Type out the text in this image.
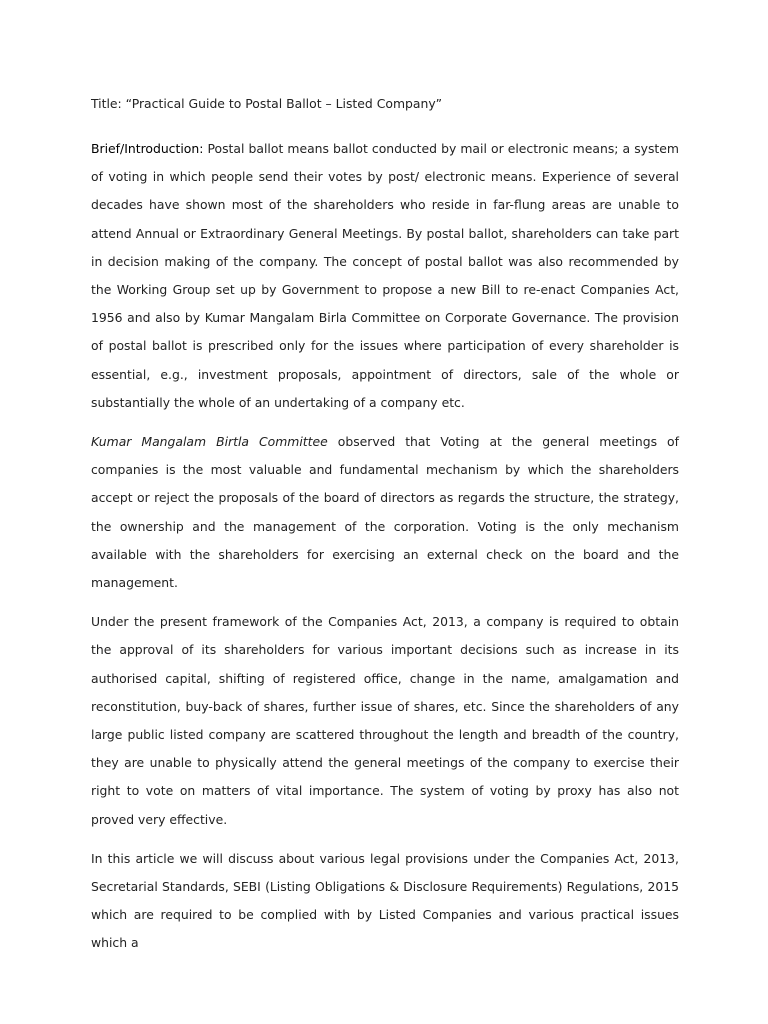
Title: “Practical Guide to Postal Ballot – Listed Company”

Brief/Introduction: Postal ballot means ballot conducted by mail or electronic means; a system of voting in which people send their votes by post/ electronic means. Experience of several decades have shown most of the shareholders who reside in far-flung areas are unable to attend Annual or Extraordinary General Meetings. By postal ballot, shareholders can take part in decision making of the company. The concept of postal ballot was also recommended by the Working Group set up by Government to propose a new Bill to re-enact Companies Act, 1956 and also by Kumar Mangalam Birla Committee on Corporate Governance. The provision of postal ballot is prescribed only for the issues where participation of every shareholder is essential, e.g., investment proposals, appointment of directors, sale of the whole or substantially the whole of an undertaking of a company etc.

Kumar Mangalam Birtla Committee observed that Voting at the general meetings of companies is the most valuable and fundamental mechanism by which the shareholders accept or reject the proposals of the board of directors as regards the structure, the strategy, the ownership and the management of the corporation. Voting is the only mechanism available with the shareholders for exercising an external check on the board and the management.

Under the present framework of the Companies Act, 2013, a company is required to obtain the approval of its shareholders for various important decisions such as increase in its authorised capital, shifting of registered office, change in the name, amalgamation and reconstitution, buy-back of shares, further issue of shares, etc. Since the shareholders of any large public listed company are scattered throughout the length and breadth of the country, they are unable to physically attend the general meetings of the company to exercise their right to vote on matters of vital importance. The system of voting by proxy has also not proved very effective.

In this article we will discuss about various legal provisions under the Companies Act, 2013, Secretarial Standards, SEBI (Listing Obligations & Disclosure Requirements) Regulations, 2015 which are required to be complied with by Listed Companies and various practical issues which a
